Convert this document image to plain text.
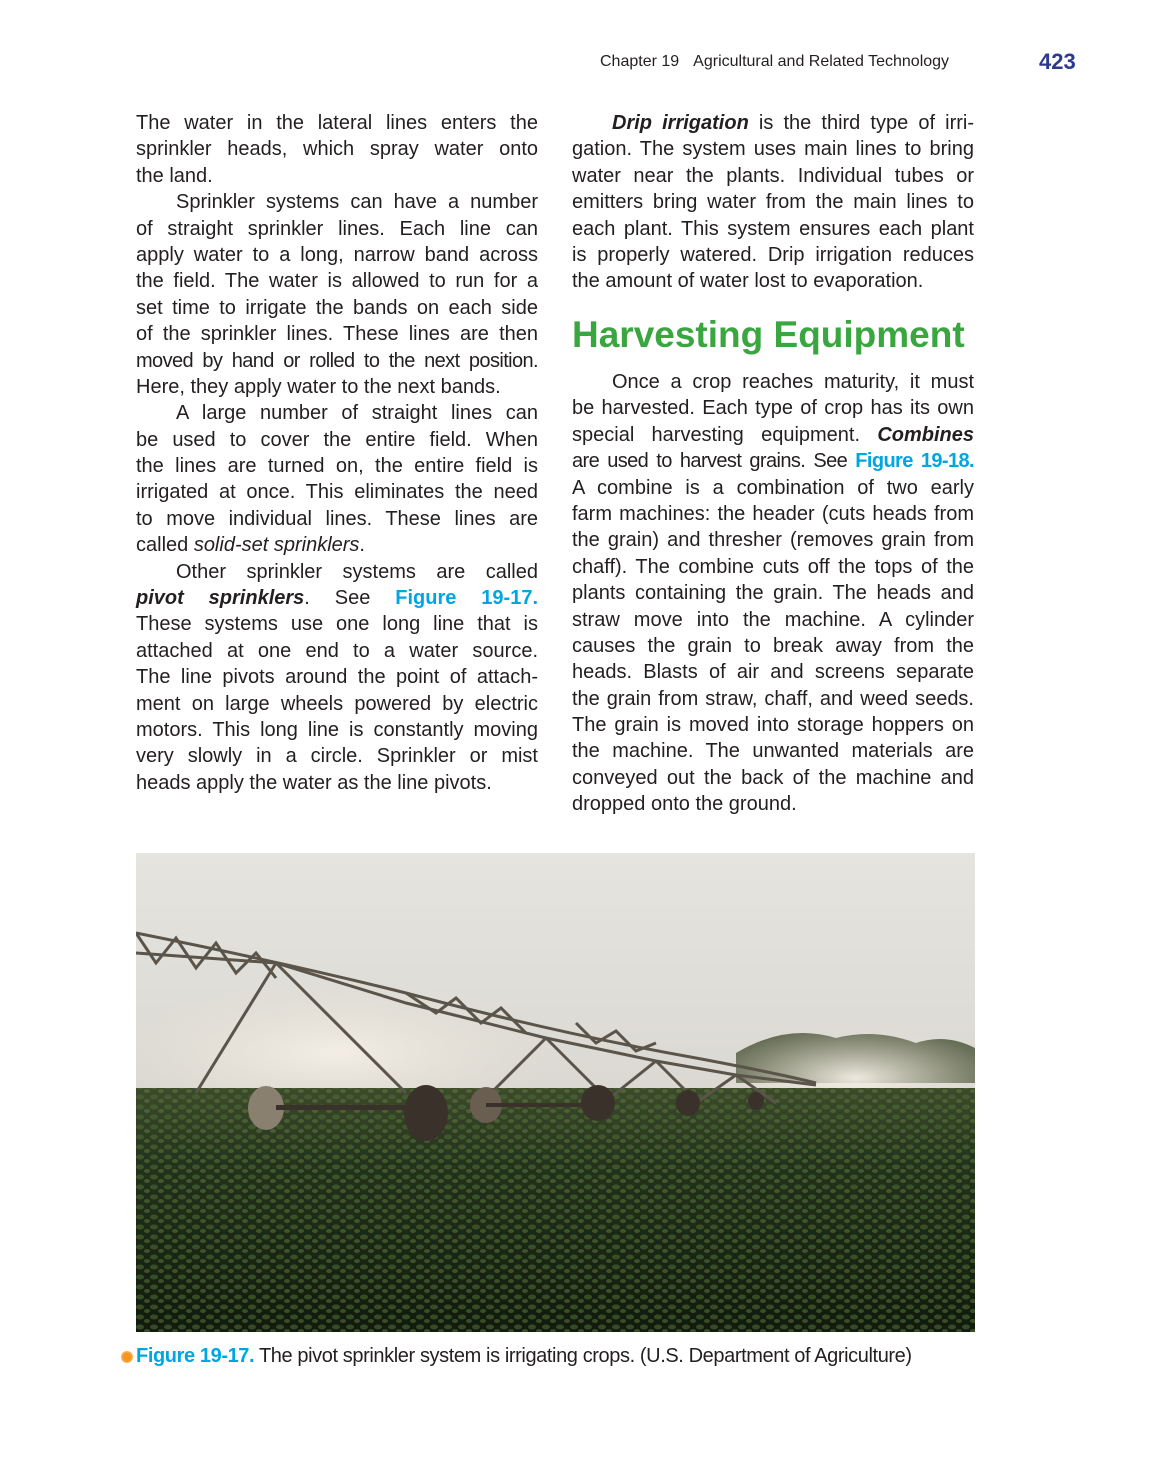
Chapter 19 Agricultural and Related Technology	423
The water in the lateral lines enters the
sprinkler heads, which spray water onto
the land.
Sprinkler systems can have a number
of straight sprinkler lines. Each line can
apply water to a long, narrow band across
the field. The water is allowed to run for a
set time to irrigate the bands on each side
of the sprinkler lines. These lines are then
moved by hand or rolled to the next position.
Here, they apply water to the next bands.
A large number of straight lines can
be used to cover the entire field. When
the lines are turned on, the entire field is
irrigated at once. This eliminates the need
to move individual lines. These lines are
called solid-set sprinklers.
Other sprinkler systems are called
pivot sprinklers. See Figure 19-17.
These systems use one long line that is
attached at one end to a water source.
The line pivots around the point of attach-
ment on large wheels powered by electric
motors. This long line is constantly moving
very slowly in a circle. Sprinkler or mist
heads apply the water as the line pivots.
Drip irrigation is the third type of irri-
gation. The system uses main lines to bring
water near the plants. Individual tubes or
emitters bring water from the main lines to
each plant. This system ensures each plant
is properly watered. Drip irrigation reduces
the amount of water lost to evaporation.
Harvesting Equipment
Once a crop reaches maturity, it must
be harvested. Each type of crop has its own
special harvesting equipment. Combines
are used to harvest grains. See Figure 19-18.
A combine is a combination of two early
farm machines: the header (cuts heads from
the grain) and thresher (removes grain from
chaff). The combine cuts off the tops of the
plants containing the grain. The heads and
straw move into the machine. A cylinder
causes the grain to break away from the
heads. Blasts of air and screens separate
the grain from straw, chaff, and weed seeds.
The grain is moved into storage hoppers on
the machine. The unwanted materials are
conveyed out the back of the machine and
dropped onto the ground.
Figure 19-17. The pivot sprinkler system is irrigating crops. (U.S. Department of Agriculture)
